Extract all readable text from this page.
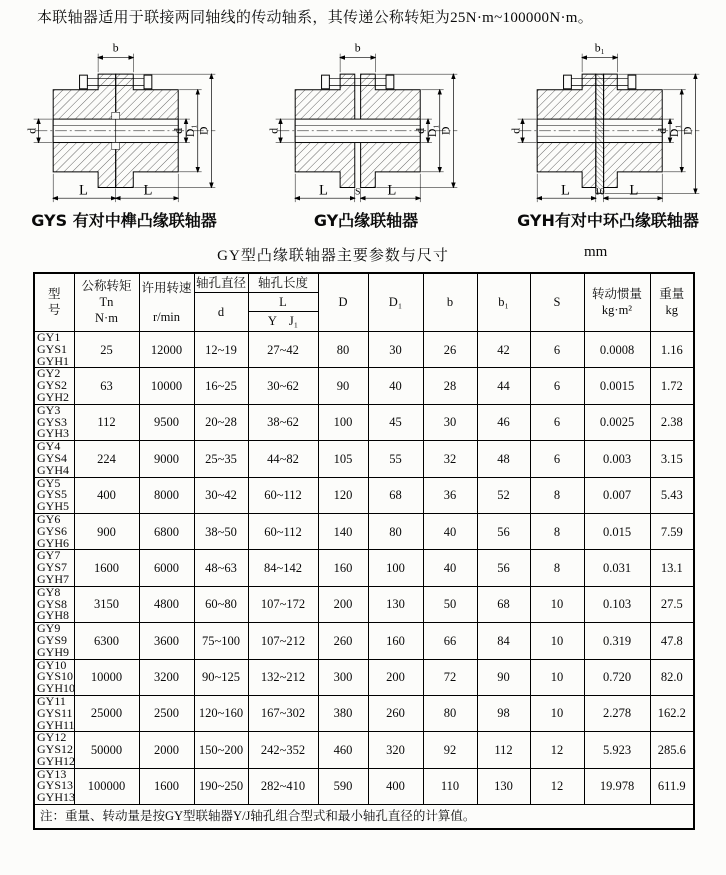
本联轴器适用于联接两同轴线的传动轴系，其传递公称转矩为25N·m~100000N·m。

b
d	d
D₁ D
L	L
GYS 有对中榫凸缘联轴器
b
d	d
D₁ D
L	S L
GY凸缘联轴器
b₁
d	d
D₁ D
L 10 L
GYH有对中环凸缘联轴器
GY型凸缘联轴器主要参数与尺寸	mm
型号

公称转矩
Tn
N·m

许用转速
r/min
	轴孔直径	轴孔长度	D	D₁	b	b₁	S	
转动惯量
kg·m²

重量
kg

			d	L							
				Y　J₁							

GY1
GYS1
GYH1	25	12000	12~19	27~42	80	30	26	42	6	0.0008	1.16

GY2
GYS2
GYH2	63	10000	16~25	30~62	90	40	28	44	6	0.0015	1.72

GY3
GYS3
GYH3	112	9500	20~28	38~62	100	45	30	46	6	0.0025	2.38

GY4
GYS4
GYH4	224	9000	25~35	44~82	105	55	32	48	6	0.003	3.15

GY5
GYS5
GYH5	400	8000	30~42	60~112	120	68	36	52	8	0.007	5.43

GY6
GYS6
GYH6	900	6800	38~50	60~112	140	80	40	56	8	0.015	7.59

GY7
GYS7
GYH7	1600	6000	48~63	84~142	160	100	40	56	8	0.031	13.1

GY8
GYS8
GYH8	3150	4800	60~80	107~172	200	130	50	68	10	0.103	27.5

GY9
GYS9
GYH9	6300	3600	75~100	107~212	260	160	66	84	10	0.319	47.8

GY10
GYS10
GYH10	10000	3200	90~125	132~212	300	200	72	90	10	0.720	82.0

GY11
GYS11
GYH11	25000	2500	120~160	167~302	380	260	80	98	10	2.278	162.2

GY12
GYS12
GYH12	50000	2000	150~200	242~352	460	320	92	112	12	5.923	285.6

GY13
GYS13
GYH13	100000	1600	190~250	282~410	590	400	110	130	12	19.978	611.9
注：重量、转动量是按GY型联轴器Y/J轴孔组合型式和最小轴孔直径的计算值。											
